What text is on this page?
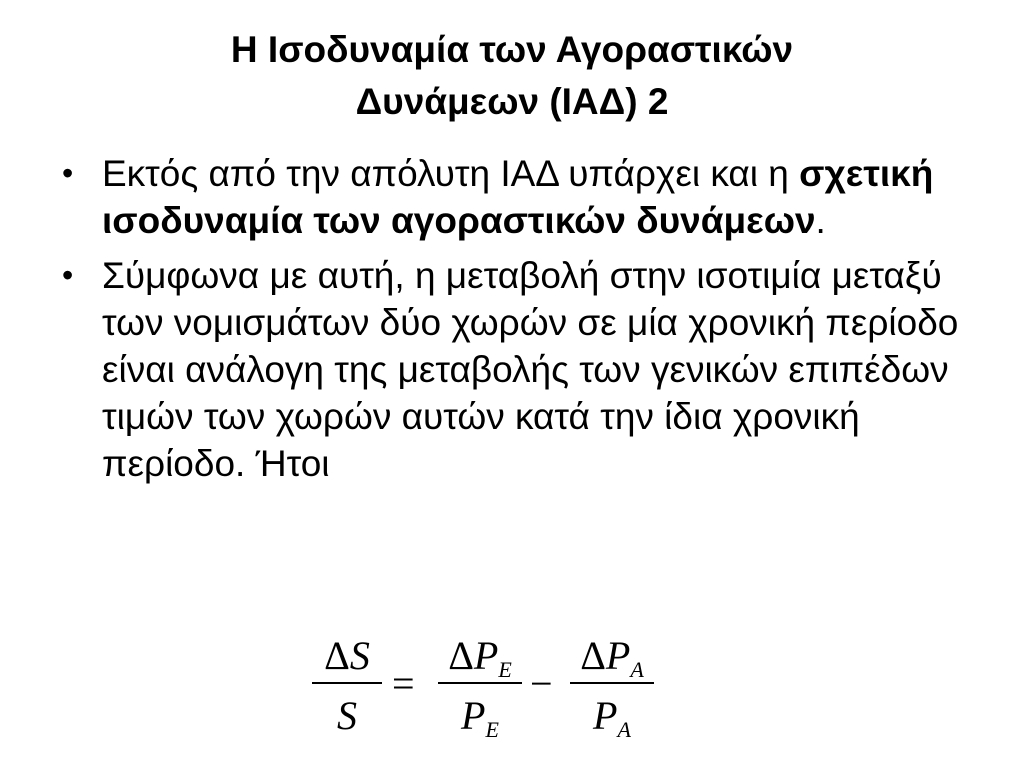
Η Ισοδυναμία των Αγοραστικών
Δυνάμεων (ΙΑΔ) 2
• Εκτός από την απόλυτη ΙΑΔ υπάρχει και η σχετική ισοδυναμία των αγοραστικών δυνάμεων.
• Σύμφωνα με αυτή, η μεταβολή στην ισοτιμία μεταξύ των νομισμάτων δύο χωρών σε μία χρονική περίοδο είναι ανάλογη της μεταβολής των γενικών επιπέδων τιμών των χωρών αυτών κατά την ίδια χρονική περίοδο. Ήτοι
ΔS
S
=
$\Delta P_E$
$P_E$
−
$\Delta P_A$
$P_A$
